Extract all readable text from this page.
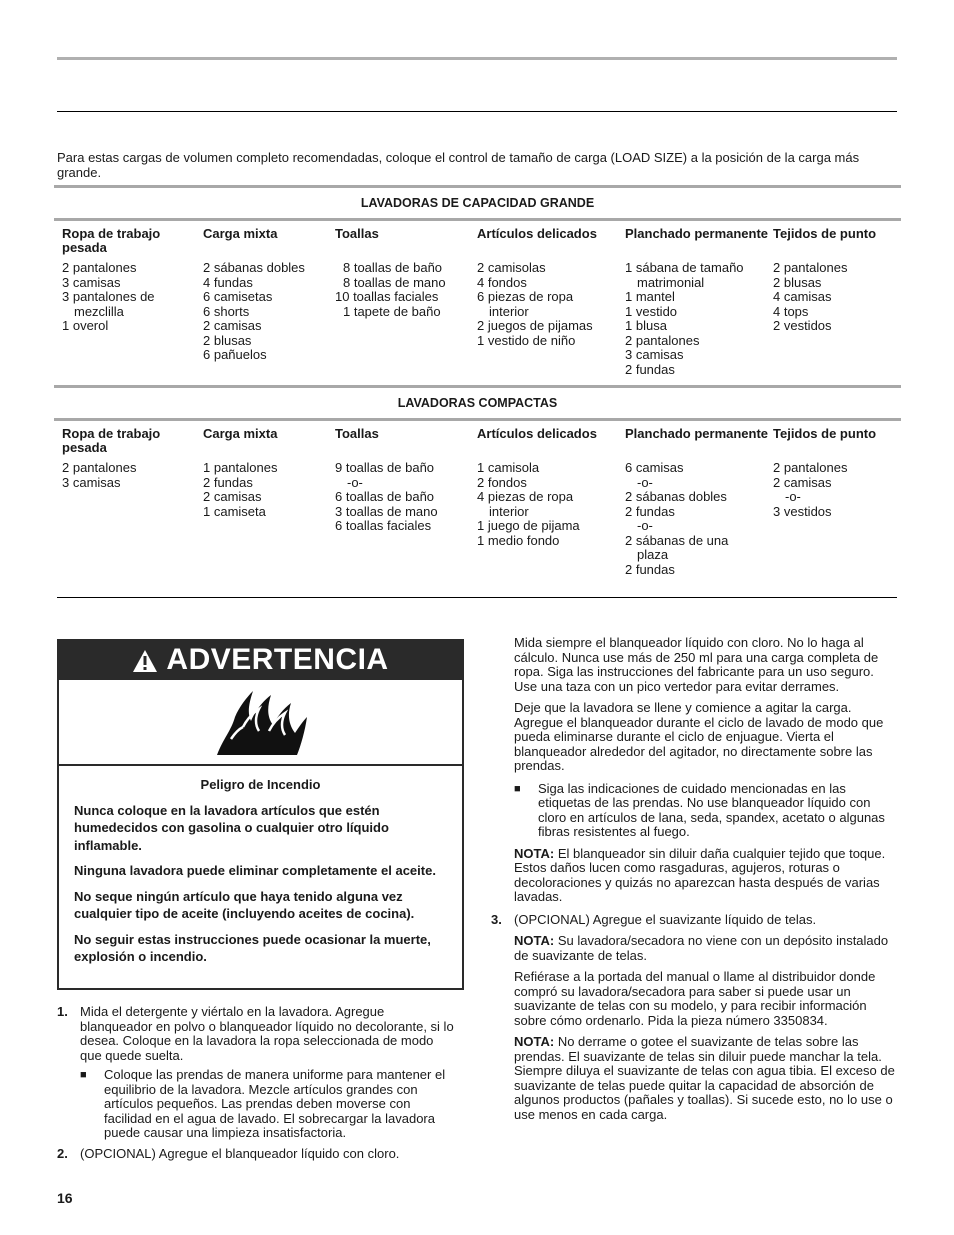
Para estas cargas de volumen completo recomendadas, coloque el control de tamaño de carga (LOAD SIZE) a la posición de la carga más grande.
LAVADORAS DE CAPACIDAD GRANDE
Ropa de trabajo pesada
2 pantalones
3 camisas
3 pantalones de
mezclilla
1 overol
Carga mixta
2 sábanas dobles
4 fundas
6 camisetas
6 shorts
2 camisas
2 blusas
6 pañuelos
Toallas
8 toallas de baño
8 toallas de mano
10 toallas faciales
1 tapete de baño
Artículos delicados
2 camisolas
4 fondos
6 piezas de ropa
interior
2 juegos de pijamas
1 vestido de niño
Planchado permanente
1 sábana de tamaño
matrimonial
1 mantel
1 vestido
1 blusa
2 pantalones
3 camisas
2 fundas
Tejidos de punto
2 pantalones
2 blusas
4 camisas
4 tops
2 vestidos
LAVADORAS COMPACTAS
Ropa de trabajo pesada
2 pantalones
3 camisas
Carga mixta
1 pantalones
2 fundas
2 camisas
1 camiseta
Toallas
9 toallas de baño
-o-
6 toallas de baño
3 toallas de mano
6 toallas faciales
Artículos delicados
1 camisola
2 fondos
4 piezas de ropa
interior
1 juego de pijama
1 medio fondo
Planchado permanente
6 camisas
-o-
2 sábanas dobles
2 fundas
-o-
2 sábanas de una
plaza
2 fundas
Tejidos de punto
2 pantalones
2 camisas
-o-
3 vestidos
ADVERTENCIA
Peligro de Incendio

Nunca coloque en la lavadora artículos que estén humedecidos con gasolina o cualquier otro líquido inflamable.

Ninguna lavadora puede eliminar completamente el aceite.

No seque ningún artículo que haya tenido alguna vez cualquier tipo de aceite (incluyendo aceites de cocina).

No seguir estas instrucciones puede ocasionar la muerte, explosión o incendio.

1. Mida el detergente y viértalo en la lavadora. Agregue blanqueador en polvo o blanqueador líquido no decolorante, si lo desea. Coloque en la lavadora la ropa seleccionada de modo que quede suelta.
■	Coloque las prendas de manera uniforme para mantener el equilibrio de la lavadora. Mezcle artículos grandes con artículos pequeños. Las prendas deben moverse con facilidad en el agua de lavado. El sobrecargar la lavadora puede causar una limpieza insatisfactoria.
2. (OPCIONAL) Agregue el blanqueador líquido con cloro.
Mida siempre el blanqueador líquido con cloro. No lo haga al cálculo. Nunca use más de 250 ml para una carga completa de ropa. Siga las instrucciones del fabricante para un uso seguro. Use una taza con un pico vertedor para evitar derrames.
Deje que la lavadora se llene y comience a agitar la carga. Agregue el blanqueador durante el ciclo de lavado de modo que pueda eliminarse durante el ciclo de enjuague. Vierta el blanqueador alrededor del agitador, no directamente sobre las prendas.
■	Siga las indicaciones de cuidado mencionadas en las etiquetas de las prendas. No use blanqueador líquido con cloro en artículos de lana, seda, spandex, acetato o algunas fibras resistentes al fuego.
NOTA: El blanqueador sin diluir daña cualquier tejido que toque. Estos daños lucen como rasgaduras, agujeros, roturas o decoloraciones y quizás no aparezcan hasta después de varias lavadas.
3. (OPCIONAL) Agregue el suavizante líquido de telas.
NOTA: Su lavadora/secadora no viene con un depósito instalado de suavizante de telas.
Refiérase a la portada del manual o llame al distribuidor donde compró su lavadora/secadora para saber si puede usar un suavizante de telas con su modelo, y para recibir información sobre cómo ordenarlo. Pida la pieza número 3350834.
NOTA: No derrame o gotee el suavizante de telas sobre las prendas. El suavizante de telas sin diluir puede manchar la tela. Siempre diluya el suavizante de telas con agua tibia. El exceso de suavizante de telas puede quitar la capacidad de absorción de algunos productos (pañales y toallas). Si sucede esto, no lo use o use menos en cada carga.
16
